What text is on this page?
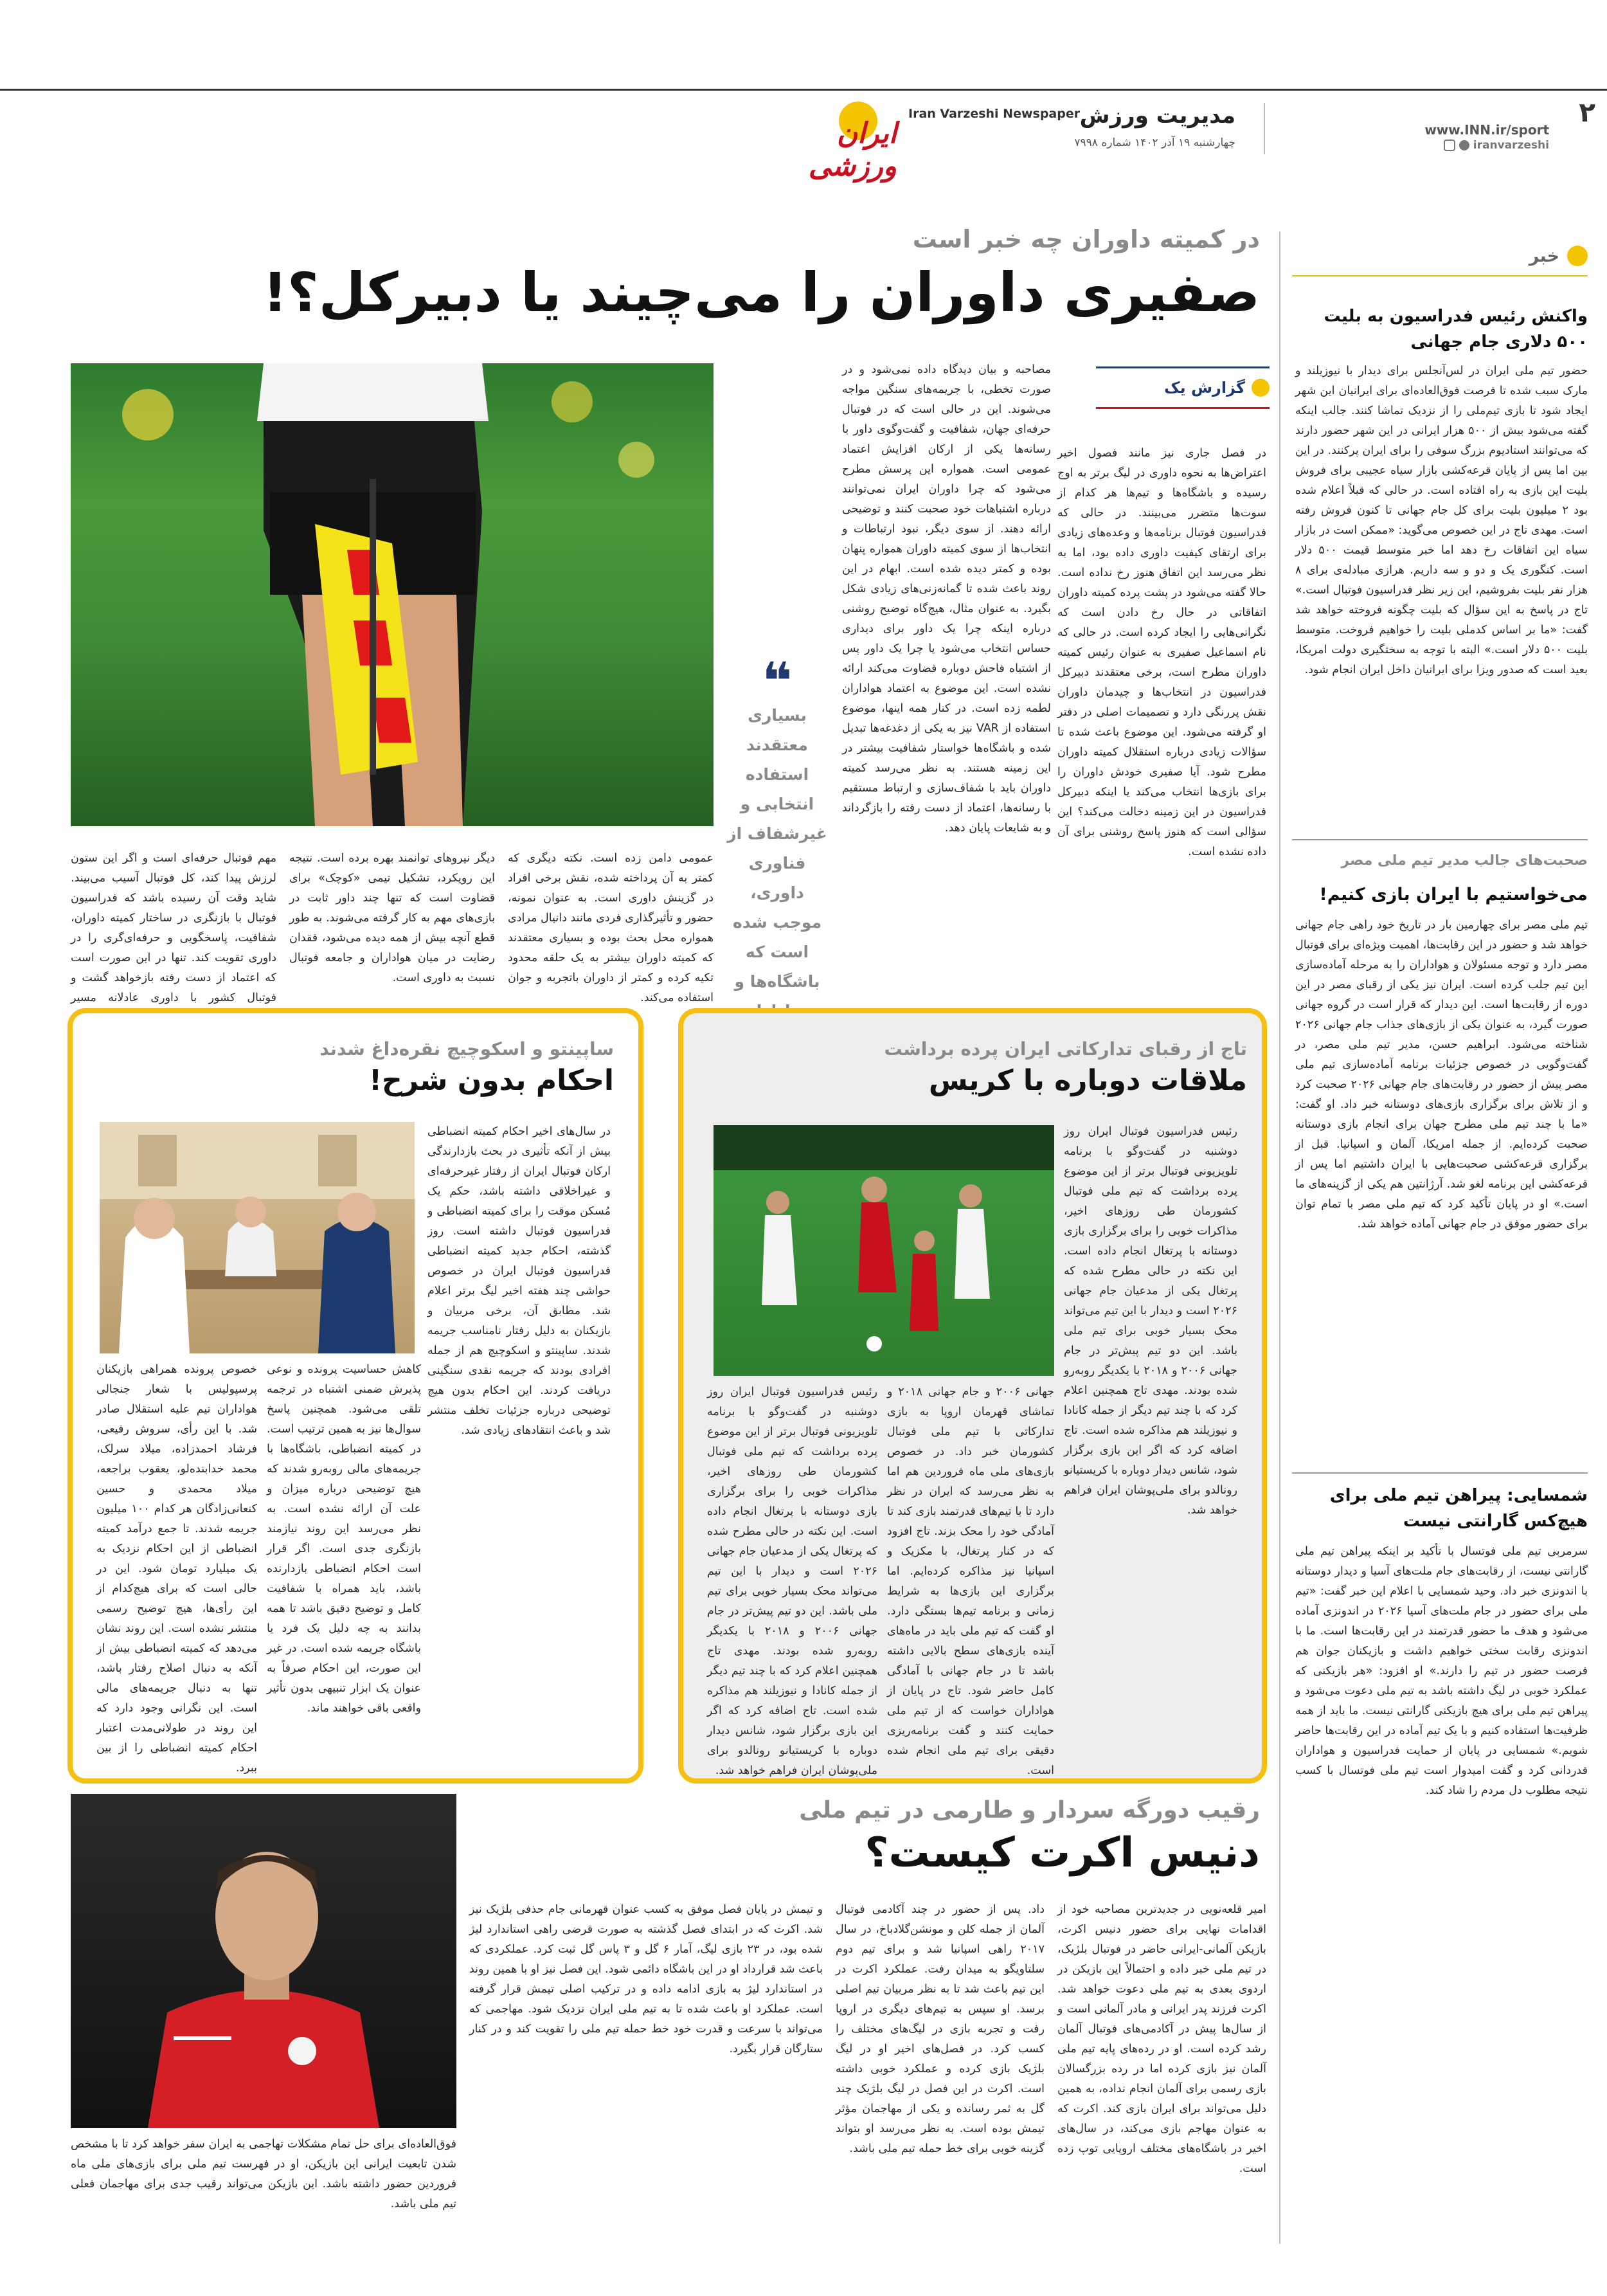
۲
www.INN.ir/sport
iranvarzeshi
مدیریت ورزش
چهارشنبه ۱۹ آذر ۱۴۰۲ شماره ۷۹۹۸
Iran Varzeshi Newspaper
ایران ورزشی
خبر
واکنش رئیس فدراسیون به بلیت ۵۰۰ دلاری جام جهانی
حضور تیم ملی ایران در لس‌آنجلس برای دیدار با نیوزیلند و مارک سبب شده تا فرصت فوق‌العاده‌ای برای ایرانیان این شهر ایجاد شود تا بازی تیم‌ملی را از نزدیک تماشا کنند. جالب اینکه گفته می‌شود بیش از ۵۰۰ هزار ایرانی در این شهر حضور دارند که می‌توانند استادیوم بزرگ سوفی را برای ایران پرکنند. در این بین اما پس از پایان قرعه‌کشی بازار سیاه عجیبی برای فروش بلیت این بازی به راه افتاده است. در حالی که قبلاً اعلام شده بود ۲ میلیون بلیت برای کل جام جهانی تا کنون فروش رفته است. مهدی تاج در این خصوص می‌گوید: «ممکن است در بازار سیاه این اتفاقات رخ دهد اما خبر متوسط قیمت ۵۰۰ دلار است. کنگوری یک و دو و سه داریم. هرازی مبادله‌ی برای ۸ هزار نفر بلیت بفروشیم، این زیر نظر فدراسیون فوتبال است.» تاج در پاسخ به این سؤال که بلیت چگونه فروخته خواهد شد گفت: «ما بر اساس کدملی بلیت را خواهیم فروخت. متوسط بلیت ۵۰۰ دلار است.» البته با توجه به سختگیری دولت امریکا، بعید است که صدور ویزا برای ایرانیان داخل ایران انجام شود.
صحبت‌های جالب مدیر تیم ملی مصر
می‌خواستیم با ایران بازی کنیم!
تیم ملی مصر برای چهارمین بار در تاریخ خود راهی جام جهانی خواهد شد و حضور در این رقابت‌ها، اهمیت ویژه‌ای برای فوتبال مصر دارد و توجه مسئولان و هواداران را به مرحله آماده‌سازی این تیم جلب کرده است. ایران نیز یکی از رقبای مصر در این دوره از رقابت‌ها است. این دیدار که قرار است در گروه جهانی صورت گیرد، به عنوان یکی از بازی‌های جذاب جام جهانی ۲۰۲۶ شناخته می‌شود. ابراهیم حسن، مدیر تیم ملی مصر، در گفت‌وگویی در خصوص جزئیات برنامه آماده‌سازی تیم ملی مصر پیش از حضور در رقابت‌های جام جهانی ۲۰۲۶ صحبت کرد و از تلاش برای برگزاری بازی‌های دوستانه خبر داد. او گفت: «ما با چند تیم ملی مطرح جهان برای انجام بازی دوستانه صحبت کرده‌ایم. از جمله امریکا، آلمان و اسپانیا. قبل از برگزاری قرعه‌کشی صحبت‌هایی با ایران داشتیم اما پس از قرعه‌کشی این برنامه لغو شد. آرژانتین هم یکی از گزینه‌های ما است.» او در پایان تأکید کرد که تیم ملی مصر با تمام توان برای حضور موفق در جام جهانی آماده خواهد شد.
شمسایی: پیراهن تیم ملی برای هیچ‌کس گارانتی نیست
سرمربی تیم ملی فوتسال با تأکید بر اینکه پیراهن تیم ملی گارانتی نیست، از رقابت‌های جام ملت‌های آسیا و دیدار دوستانه با اندونزی خبر داد. وحید شمسایی با اعلام این خبر گفت: «تیم ملی برای حضور در جام ملت‌های آسیا ۲۰۲۶ در اندونزی آماده می‌شود و هدف ما حضور قدرتمند در این رقابت‌ها است. ما با اندونزی رقابت سختی خواهیم داشت و بازیکنان جوان هم فرصت حضور در تیم را دارند.» او افزود: «هر بازیکنی که عملکرد خوبی در لیگ داشته باشد به تیم ملی دعوت می‌شود و پیراهن تیم ملی برای هیچ بازیکنی گارانتی نیست. ما باید از همه ظرفیت‌ها استفاده کنیم و با یک تیم آماده در این رقابت‌ها حاضر شویم.» شمسایی در پایان از حمایت فدراسیون و هواداران قدردانی کرد و گفت امیدوار است تیم ملی فوتسال با کسب نتیجه مطلوب دل مردم را شاد کند.
در کمیته داوران چه خبر است
صفیری داوران را می‌چیند یا دبیرکل؟!
گزارش یک
در فصل جاری نیز مانند فصول اخیر اعتراض‌ها به نحوه داوری در لیگ برتر به اوج رسیده و باشگاه‌ها و تیم‌ها هر کدام از سوت‌ها متضرر می‌بینند. در حالی که فدراسیون فوتبال برنامه‌ها و وعده‌های زیادی برای ارتقای کیفیت داوری داده بود، اما به نظر می‌رسد این اتفاق هنوز رخ نداده است. حالا گفته می‌شود در پشت پرده کمیته داوران اتفاقاتی در حال رخ دادن است که نگرانی‌هایی را ایجاد کرده است. در حالی که نام اسماعیل صفیری به عنوان رئیس کمیته داوران مطرح است، برخی معتقدند دبیرکل فدراسیون در انتخاب‌ها و چیدمان داوران نقش پررنگی دارد و تصمیمات اصلی در دفتر او گرفته می‌شود. این موضوع باعث شده تا سؤالات زیادی درباره استقلال کمیته داوران مطرح شود. آیا صفیری خودش داوران را برای بازی‌ها انتخاب می‌کند یا اینکه دبیرکل فدراسیون در این زمینه دخالت می‌کند؟ این سؤالی است که هنوز پاسخ روشنی برای آن داده نشده است.
مصاحبه و بیان دیدگاه داده نمی‌شود و در صورت تخطی، با جریمه‌های سنگین مواجه می‌شوند. این در حالی است که در فوتبال حرفه‌ای جهان، شفافیت و گفت‌وگوی داور با رسانه‌ها یکی از ارکان افزایش اعتماد عمومی است. همواره این پرسش مطرح می‌شود که چرا داوران ایران نمی‌توانند درباره اشتباهات خود صحبت کنند و توضیحی ارائه دهند. از سوی دیگر، نبود ارتباطات و انتخاب‌ها از سوی کمیته داوران همواره پنهان بوده و کمتر دیده شده است. ابهام در این روند باعث شده تا گمانه‌زنی‌های زیادی شکل بگیرد. به عنوان مثال، هیچ‌گاه توضیح روشنی درباره اینکه چرا یک داور برای دیداری حساس انتخاب می‌شود یا چرا یک داور پس از اشتباه فاحش دوباره قضاوت می‌کند ارائه نشده است. این موضوع به اعتماد هواداران لطمه زده است. در کنار همه اینها، موضوع استفاده از VAR نیز به یکی از دغدغه‌ها تبدیل شده و باشگاه‌ها خواستار شفافیت بیشتر در این زمینه هستند. به نظر می‌رسد کمیته داوران باید با شفاف‌سازی و ارتباط مستقیم با رسانه‌ها، اعتماد از دست رفته را بازگرداند و به شایعات پایان دهد.
❝
بسیاری معتقدند استفاده انتخابی و غیرشفاف از فناوری داوری، موجب شده است که باشگاه‌ها و
عمومی دامن زده است. نکته دیگری که کمتر به آن پرداخته شده، نقش برخی افراد در گزینش داوری است. به عنوان نمونه، حضور و تأثیرگذاری فردی مانند دانیال مرادی همواره محل بحث بوده و بسیاری معتقدند که کمیته داوران بیشتر به یک حلقه محدود تکیه کرده و کمتر از داوران باتجربه و جوان استفاده می‌کند.
دیگر نیروهای توانمند بهره برده است. نتیجه این رویکرد، تشکیل تیمی «کوچک» برای قضاوت است که تنها چند داور ثابت در بازی‌های مهم به کار گرفته می‌شوند. به طور قطع آنچه بیش از همه دیده می‌شود، فقدان رضایت در میان هواداران و جامعه فوتبال نسبت به داوری است.
مهم فوتبال حرفه‌ای است و اگر این ستون لرزش پیدا کند، کل فوتبال آسیب می‌بیند. شاید وقت آن رسیده باشد که فدراسیون فوتبال با بازنگری در ساختار کمیته داوران، شفافیت، پاسخگویی و حرفه‌ای‌گری را در داوری تقویت کند. تنها در این صورت است که اعتماد از دست رفته بازخواهد گشت و فوتبال کشور با داوری عادلانه مسیر
تاج از رقبای تدارکاتی ایران پرده برداشت
ملاقات دوباره با کریس
رئیس فدراسیون فوتبال ایران روز دوشنبه در گفت‌وگو با برنامه تلویزیونی فوتبال برتر از این موضوع پرده برداشت که تیم ملی فوتبال کشورمان طی روزهای اخیر، مذاکرات خوبی را برای برگزاری بازی دوستانه با پرتغال انجام داده است. این نکته در حالی مطرح شده که پرتغال یکی از مدعیان جام جهانی ۲۰۲۶ است و دیدار با این تیم می‌تواند محک بسیار خوبی برای تیم ملی باشد. این دو تیم پیش‌تر در جام جهانی ۲۰۰۶ و ۲۰۱۸ با یکدیگر روبه‌رو شده بودند. مهدی تاج همچنین اعلام کرد که با چند تیم دیگر از جمله کانادا و نیوزیلند هم مذاکره شده است. تاج اضافه کرد که اگر این بازی برگزار شود، شانس دیدار دوباره با کریستیانو رونالدو برای ملی‌پوشان ایران فراهم خواهد شد.
جهانی ۲۰۰۶ و جام جهانی ۲۰۱۸ و تماشای قهرمان اروپا به بازی تدارکاتی با تیم ملی فوتبال کشورمان خبر داد. در خصوص بازی‌های ملی ماه فروردین هم اما به نظر می‌رسد که ایران در نظر دارد تا با تیم‌های قدرتمند بازی کند تا آمادگی خود را محک بزند. تاج افزود که در کنار پرتغال، با مکزیک و اسپانیا نیز مذاکره کرده‌ایم. اما برگزاری این بازی‌ها به شرایط زمانی و برنامه تیم‌ها بستگی دارد. او گفت که تیم ملی باید در ماه‌های آینده بازی‌های سطح بالایی داشته باشد تا در جام جهانی با آمادگی کامل حاضر شود. تاج در پایان از هواداران خواست که از تیم ملی حمایت کنند و گفت برنامه‌ریزی دقیقی برای تیم ملی انجام شده است.
رئیس فدراسیون فوتبال ایران روز دوشنبه در گفت‌وگو با برنامه تلویزیونی فوتبال برتر از این موضوع پرده برداشت که تیم ملی فوتبال کشورمان طی روزهای اخیر، مذاکرات خوبی را برای برگزاری بازی دوستانه با پرتغال انجام داده است. این نکته در حالی مطرح شده که پرتغال یکی از مدعیان جام جهانی ۲۰۲۶ است و دیدار با این تیم می‌تواند محک بسیار خوبی برای تیم ملی باشد. این دو تیم پیش‌تر در جام جهانی ۲۰۰۶ و ۲۰۱۸ با یکدیگر روبه‌رو شده بودند. مهدی تاج همچنین اعلام کرد که با چند تیم دیگر از جمله کانادا و نیوزیلند هم مذاکره شده است. تاج اضافه کرد که اگر این بازی برگزار شود، شانس دیدار دوباره با کریستیانو رونالدو برای ملی‌پوشان ایران فراهم خواهد شد.
ساپینتو و اسکوچیچ نقره‌داغ شدند
احکام بدون شرح!
در سال‌های اخیر احکام کمیته انضباطی بیش از آنکه تأثیری در بحث بازدارندگی ارکان فوتبال ایران از رفتار غیرحرفه‌ای و غیراخلاقی داشته باشد، حکم یک مُسکن موقت را برای کمیته انضباطی و فدراسیون فوتبال داشته است. روز گذشته، احکام جدید کمیته انضباطی فدراسیون فوتبال ایران در خصوص حواشی چند هفته اخیر لیگ برتر اعلام شد. مطابق آن، برخی مربیان و بازیکنان به دلیل رفتار نامناسب جریمه شدند. ساپینتو و اسکوچیچ هم از جمله افرادی بودند که جریمه نقدی سنگینی دریافت کردند. این احکام بدون هیچ توضیحی درباره جزئیات تخلف منتشر شد و باعث انتقادهای زیادی شد.
کاهش حساسیت پرونده و نوعی پذیرش ضمنی اشتباه در ترجمه تلقی می‌شود. همچنین پاسخ سوال‌ها نیز به همین ترتیب است. در کمیته انضباطی، باشگاه‌ها با جریمه‌های مالی روبه‌رو شدند که هیچ توضیحی درباره میزان و علت آن ارائه نشده است. به نظر می‌رسد این روند نیازمند بازنگری جدی است. اگر قرار است احکام انضباطی بازدارنده باشد، باید همراه با شفافیت کامل و توضیح دقیق باشد تا همه بدانند به چه دلیل یک فرد یا باشگاه جریمه شده است. در غیر این صورت، این احکام صرفاً به عنوان یک ابزار تنبیهی بدون تأثیر واقعی باقی خواهند ماند.
خصوص پرونده همراهی بازیکنان پرسپولیس با شعار جنجالی هواداران تیم علیه استقلال صادر شد. با این رأی، سروش رفیعی، فرشاد احمدزاده، میلاد سرلک، محمد خدابنده‌لو، یعقوب براجعه، میلاد محمدی و حسین کنعانی‌زادگان هر کدام ۱۰۰ میلیون جریمه شدند. تا جمع درآمد کمیته انضباطی از این احکام نزدیک به یک میلیارد تومان شود. این در حالی است که برای هیچ‌کدام از این رأی‌ها، هیچ توضیح رسمی منتشر نشده است. این روند نشان می‌دهد که کمیته انضباطی بیش از آنکه به دنبال اصلاح رفتار باشد، تنها به دنبال جریمه‌های مالی است. این نگرانی وجود دارد که این روند در طولانی‌مدت اعتبار احکام کمیته انضباطی را از بین ببرد.
رقیب دورگه سردار و طارمی در تیم ملی
دنیس اکرت کیست؟
امیر قلعه‌نویی در جدیدترین مصاحبه خود از اقدامات نهایی برای حضور دنیس اکرت، بازیکن آلمانی-ایرانی حاضر در فوتبال بلژیک، در تیم ملی خبر داده و احتمالاً این بازیکن در اردوی بعدی به تیم ملی دعوت خواهد شد. اکرت فرزند پدر ایرانی و مادر آلمانی است و از سال‌ها پیش در آکادمی‌های فوتبال آلمان رشد کرده است. او در رده‌های پایه تیم ملی آلمان نیز بازی کرده اما در رده بزرگسالان بازی رسمی برای آلمان انجام نداده، به همین دلیل می‌تواند برای ایران بازی کند. اکرت که به عنوان مهاجم بازی می‌کند، در سال‌های اخیر در باشگاه‌های مختلف اروپایی توپ زده است.
داد. پس از حضور در چند آکادمی فوتبال آلمان از جمله کلن و مونشن‌گلادباخ، در سال ۲۰۱۷ راهی اسپانیا شد و برای تیم دوم سلتاویگو به میدان رفت. عملکرد اکرت در این تیم باعث شد تا به نظر مربیان تیم اصلی برسد. او سپس به تیم‌های دیگری در اروپا رفت و تجربه بازی در لیگ‌های مختلف را کسب کرد. در فصل‌های اخیر او در لیگ بلژیک بازی کرده و عملکرد خوبی داشته است. اکرت در این فصل در لیگ بلژیک چند گل به ثمر رسانده و یکی از مهاجمان مؤثر تیمش بوده است. به نظر می‌رسد او بتواند گزینه خوبی برای خط حمله تیم ملی باشد.
و تیمش در پایان فصل موفق به کسب عنوان قهرمانی جام حذفی بلژیک نیز شد. اکرت که در ابتدای فصل گذشته به صورت قرضی راهی استاندارد لیژ شده بود، در ۲۳ بازی لیگ، آمار ۶ گل و ۳ پاس گل ثبت کرد. عملکردی که باعث شد قرارداد او در این باشگاه دائمی شود. این فصل نیز او با همین روند در استاندارد لیژ به بازی ادامه داده و در ترکیب اصلی تیمش قرار گرفته است. عملکرد او باعث شده تا به تیم ملی ایران نزدیک شود. مهاجمی که می‌تواند با سرعت و قدرت خود خط حمله تیم ملی را تقویت کند و در کنار ستارگان قرار بگیرد.
فوق‌العاده‌ای برای حل تمام مشکلات تهاجمی به ایران سفر خواهد کرد تا با مشخص شدن تابعیت ایرانی این بازیکن، او در فهرست تیم ملی برای بازی‌های ملی ماه فروردین حضور داشته باشد. این بازیکن می‌تواند رقیب جدی برای مهاجمان فعلی تیم ملی باشد.
